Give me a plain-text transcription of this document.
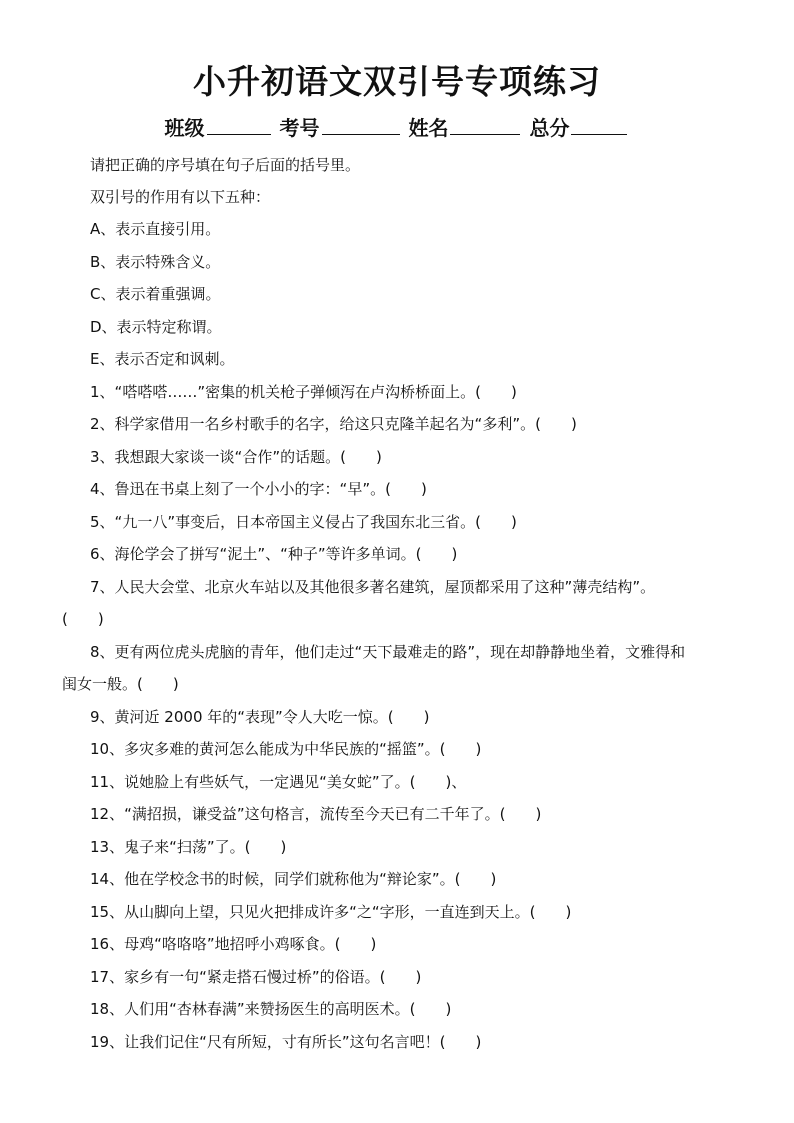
小升初语文双引号专项练习
班级	考号	姓名	总分
请把正确的序号填在句子后面的括号里。
双引号的作用有以下五种：
A、表示直接引用。
B、表示特殊含义。
C、表示着重强调。
D、表示特定称谓。
E、表示否定和讽刺。
1、“嗒嗒嗒……”密集的机关枪子弹倾泻在卢沟桥桥面上。(　　)
2、科学家借用一名乡村歌手的名字，给这只克隆羊起名为“多利”。(　　)
3、我想跟大家谈一谈“合作”的话题。(　　)
4、鲁迅在书桌上刻了一个小小的字：“早”。(　　)
5、“九一八”事变后，日本帝国主义侵占了我国东北三省。(　　)
6、海伦学会了拼写“泥土”、“种子”等许多单词。(　　)
7、人民大会堂、北京火车站以及其他很多著名建筑，屋顶都采用了这种”薄壳结构”。
(　　)
8、更有两位虎头虎脑的青年，他们走过“天下最难走的路”，现在却静静地坐着，文雅得和
闺女一般。(　　)
9、黄河近 2000 年的“表现”令人大吃一惊。(　　)
10、多灾多难的黄河怎么能成为中华民族的“摇篮”。(　　)
11、说她脸上有些妖气，一定遇见“美女蛇”了。(　　)、
12、“满招损，谦受益”这句格言，流传至今天已有二千年了。(　　)
13、鬼子来“扫荡”了。(　　)
14、他在学校念书的时候，同学们就称他为“辩论家”。(　　)
15、从山脚向上望，只见火把排成许多“之“字形，一直连到天上。(　　)
16、母鸡“咯咯咯”地招呼小鸡啄食。(　　)
17、家乡有一句“紧走搭石慢过桥”的俗语。(　　)
18、人们用“杏林春满”来赞扬医生的高明医术。(　　)
19、让我们记住“尺有所短，寸有所长”这句名言吧！(　　)
